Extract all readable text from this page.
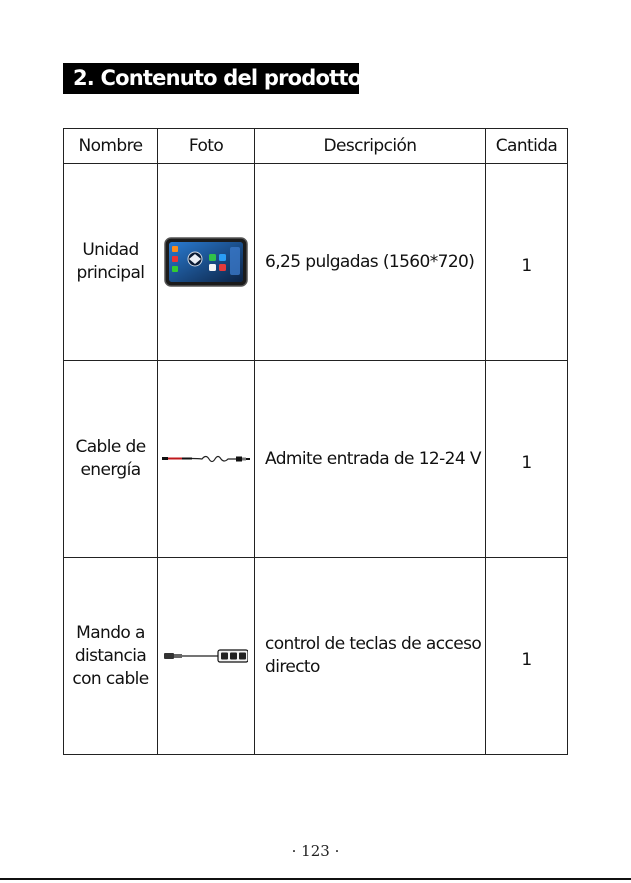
2. Contenuto del prodotto
Nombre	Foto	Descripción	Cantida
Unidad
principal		6,25 pulgadas (1560*720)	1

Cable de
energía		Admite entrada de 12-24 V	1

Mando a
distancia
con cable		control de teclas de acceso
directo	1
· 123 ·
